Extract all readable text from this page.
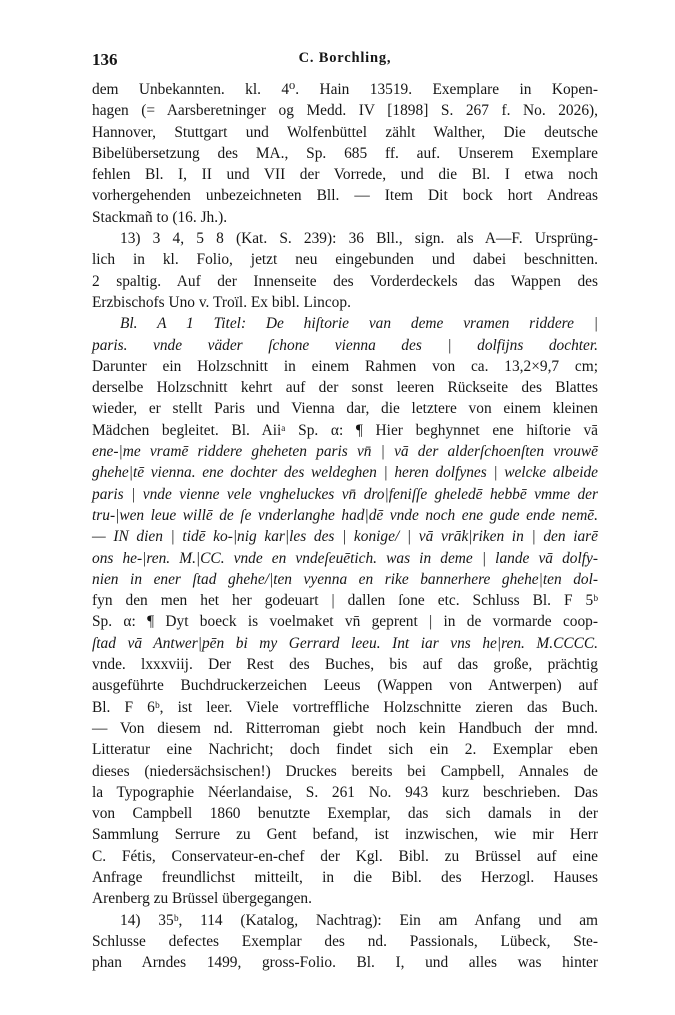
136	C. Borchling,
dem Unbekannten. kl. 4⁰. Hain 13519. Exemplare in Kopen-
hagen (= Aarsberetninger og Medd. IV [1898] S. 267 f. No. 2026),
Hannover, Stuttgart und Wolfenbüttel zählt Walther, Die deutsche
Bibelübersetzung des MA., Sp. 685 ff. auf. Unserem Exemplare
fehlen Bl. I, II und VII der Vorrede, und die Bl. I etwa noch
vorhergehenden unbezeichneten Bll. — Item Dit bock hort Andreas
Stackmañ to (16. Jh.).
13) 3 4, 5 8 (Kat. S. 239): 36 Bll., sign. als A—F. Ursprüng-
lich in kl. Folio, jetzt neu eingebunden und dabei beschnitten.
2 spaltig. Auf der Innenseite des Vorderdeckels das Wappen des
Erzbischofs Uno v. Troïl. Ex bibl. Lincop.
Bl. A 1 Titel: De hiſtorie van deme vramen riddere |
paris. vnde väder ſchone vienna des | dolfijns dochter.
Darunter ein Holzschnitt in einem Rahmen von ca. 13,2×9,7 cm;
derselbe Holzschnitt kehrt auf der sonst leeren Rückseite des Blattes
wieder, er stellt Paris und Vienna dar, die letztere von einem kleinen
Mädchen begleitet. Bl. Aiiᵃ Sp. α: ¶ Hier beghynnet ene hiſtorie vā
ene-|me vramē riddere gheheten paris vn̄ | vā der alderſchoenſten vrouwē
ghehe|tē vienna. ene dochter des weldeghen | heren dolfynes | welcke albeide
paris | vnde vienne vele vngheluckes vn̄ dro|feniſſe gheledē hebbē vmme der
tru-|wen leue willē de ſe vnderlanghe had|dē vnde noch ene gude ende nemē.
— IN dien | tidē ko-|nig kar|les des | konige/ | vā vrāk|riken in | den iarē
ons he-|ren. M.|CC. vnde en vndeſeuētich. was in deme | lande vā dolfy-
nien in ener ſtad ghehe/|ten vyenna en rike bannerhere ghehe|ten dol-
fyn den men het her godeuart | dallen ſone etc. Schluss Bl. F 5ᵇ
Sp. α: ¶ Dyt boeck is voelmaket vn̄ geprent | in de vormarde coop-
ſtad vā Antwer|pēn bi my Gerrard leeu. Int iar vns he|ren. M.CCCC.
vnde. lxxxviij. Der Rest des Buches, bis auf das große, prächtig
ausgeführte Buchdruckerzeichen Leeus (Wappen von Antwerpen) auf
Bl. F 6ᵇ, ist leer. Viele vortreffliche Holzschnitte zieren das Buch.
— Von diesem nd. Ritterroman giebt noch kein Handbuch der mnd.
Litteratur eine Nachricht; doch findet sich ein 2. Exemplar eben
dieses (niedersächsischen!) Druckes bereits bei Campbell, Annales de
la Typographie Néerlandaise, S. 261 No. 943 kurz beschrieben. Das
von Campbell 1860 benutzte Exemplar, das sich damals in der
Sammlung Serrure zu Gent befand, ist inzwischen, wie mir Herr
C. Fétis, Conservateur-en-chef der Kgl. Bibl. zu Brüssel auf eine
Anfrage freundlichst mitteilt, in die Bibl. des Herzogl. Hauses
Arenberg zu Brüssel übergegangen.
14) 35ᵇ, 114 (Katalog, Nachtrag): Ein am Anfang und am
Schlusse defectes Exemplar des nd. Passionals, Lübeck, Ste-
phan Arndes 1499, gross-Folio. Bl. I, und alles was hinter
